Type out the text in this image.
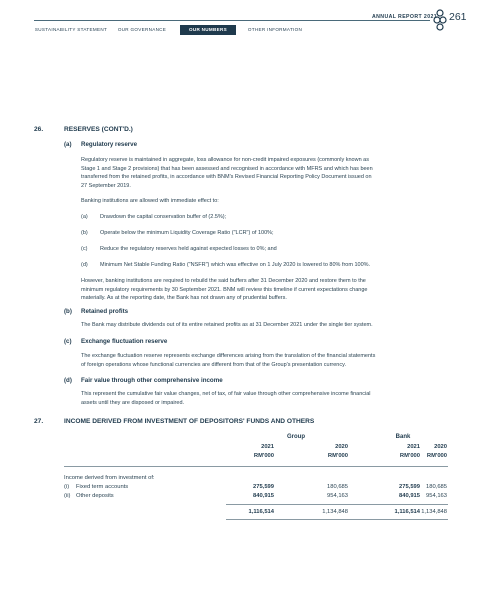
ANNUAL REPORT 2021 261
SUSTAINABILITY STATEMENT	OUR GOVERNANCE	OUR NUMBERS	OTHER INFORMATION
26.	RESERVES (CONT'D.)
(a) Regulatory reserve
Regulatory reserve is maintained in aggregate, loss allowance for non-credit impaired exposures (commonly known as
Stage 1 and Stage 2 provisions) that has been assessed and recognised in accordance with MFRS and which has been
transferred from the retained profits, in accordance with BNM's Revised Financial Reporting Policy Document issued on
27 September 2019.
Banking institutions are allowed with immediate effect to:
(a) Drawdown the capital conservation buffer of (2.5%);
(b) Operate below the minimum Liquidity Coverage Ratio ("LCR") of 100%;
(c) Reduce the regulatory reserves held against expected losses to 0%; and
(d) Minimum Net Stable Funding Ratio ("NSFR") which was effective on 1 July 2020 is lowered to 80% from 100%.
However, banking institutions are required to rebuild the said buffers after 31 December 2020 and restore them to the
minimum regulatory requirements by 30 September 2021. BNM will review this timeline if current expectations change
materially. As at the reporting date, the Bank has not drawn any of prudential buffers.
(b) Retained profits
The Bank may distribute dividends out of its entire retained profits as at 31 December 2021 under the single tier system.
(c) Exchange fluctuation reserve
The exchange fluctuation reserve represents exchange differences arising from the translation of the financial statements
of foreign operations whose functional currencies are different from that of the Group's presentation currency.
(d) Fair value through other comprehensive income
This represent the cumulative fair value changes, net of tax, of fair value through other comprehensive income financial
assets until they are disposed or impaired.
27.	INCOME DERIVED FROM INVESTMENT OF DEPOSITORS' FUNDS AND OTHERS
Group	Bank
2021	2020	2021	2020
RM'000	RM'000	RM'000	RM'000
Income derived from investment of:
(i) Fixed term accounts	275,599	180,685	275,599	180,685
(ii) Other deposits	840,915	954,163	840,915	954,163
1,116,514	1,134,848	1,116,514 1,134,848
